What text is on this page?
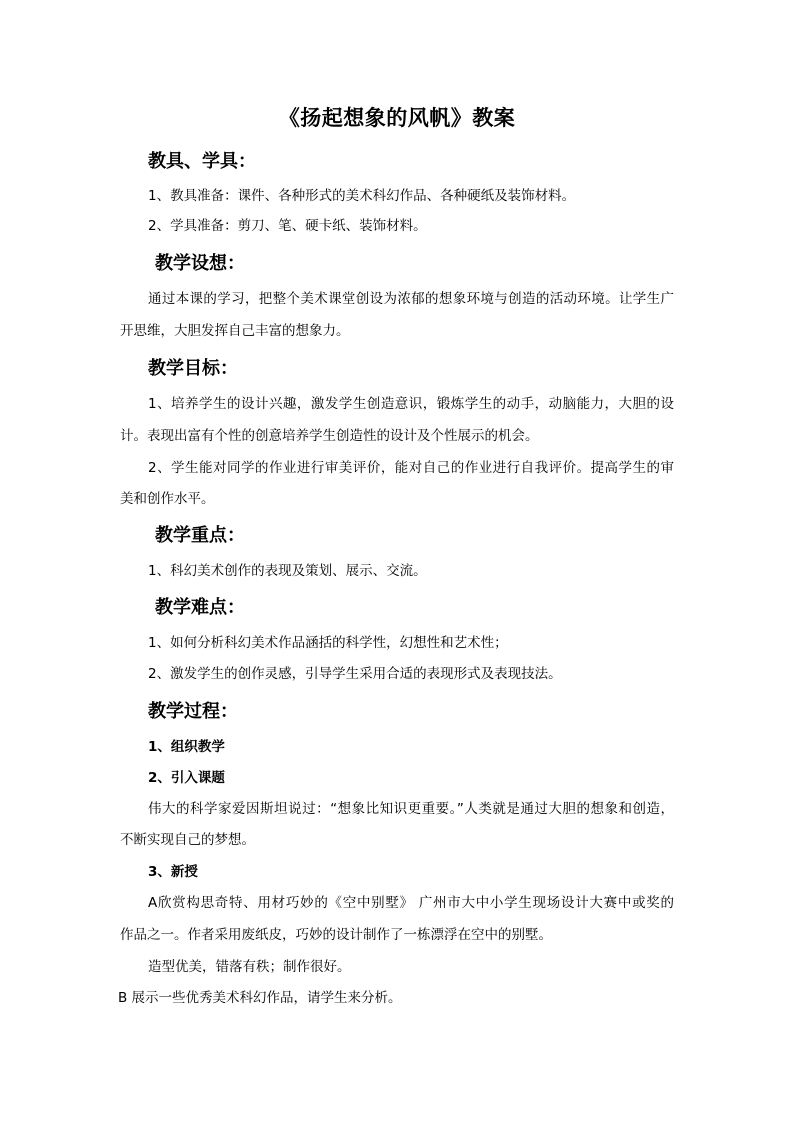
《扬起想象的风帆》教案
教具、学具：
1、教具准备：课件、各种形式的美术科幻作品、各种硬纸及装饰材料。
2、学具准备：剪刀、笔、硬卡纸、装饰材料。
教学设想：
通过本课的学习，把整个美术课堂创设为浓郁的想象环境与创造的活动环境。让学生广
开思维，大胆发挥自己丰富的想象力。
教学目标：
1、培养学生的设计兴趣，激发学生创造意识，锻炼学生的动手，动脑能力，大胆的设
计。表现出富有个性的创意培养学生创造性的设计及个性展示的机会。
2、学生能对同学的作业进行审美评价，能对自己的作业进行自我评价。提高学生的审
美和创作水平。
教学重点：
1、科幻美术创作的表现及策划、展示、交流。
教学难点：
1、如何分析科幻美术作品涵括的科学性，幻想性和艺术性；
2、激发学生的创作灵感，引导学生采用合适的表现形式及表现技法。
教学过程：
1、组织教学
2、引入课题
伟大的科学家爱因斯坦说过：“想象比知识更重要。”人类就是通过大胆的想象和创造，
不断实现自己的梦想。
3、新授
A欣赏构思奇特、用材巧妙的《空中别墅》 广州市大中小学生现场设计大赛中或奖的
作品之一。作者采用废纸皮，巧妙的设计制作了一栋漂浮在空中的别墅。
造型优美，错落有秩；制作很好。
B 展示一些优秀美术科幻作品，请学生来分析。
